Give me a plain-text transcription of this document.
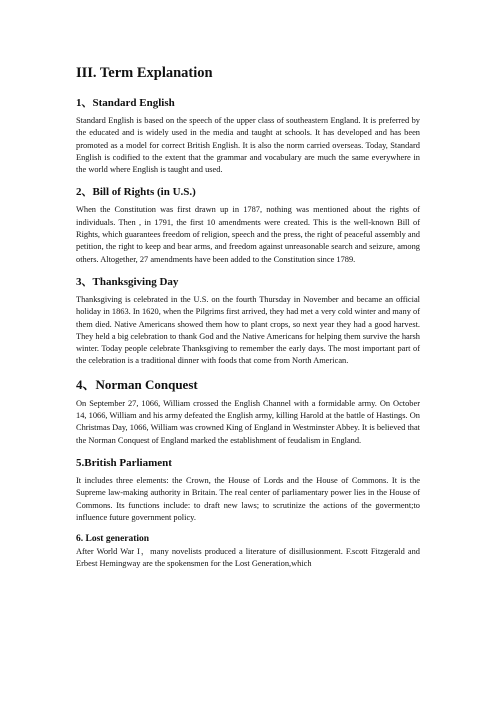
III. Term Explanation
1、Standard English

Standard English is based on the speech of the upper class of southeastern England. It is preferred by the educated and is widely used in the media and taught at schools. It has developed and has been promoted as a model for correct British English. It is also the norm carried overseas. Today, Standard English is codified to the extent that the grammar and vocabulary are much the same everywhere in the world where English is taught and used.

2、Bill of Rights (in U.S.)

When the Constitution was first drawn up in 1787, nothing was mentioned about the rights of individuals. Then , in 1791, the first 10 amendments were created. This is the well-known Bill of Rights, which guarantees freedom of religion, speech and the press, the right of peaceful assembly and petition, the right to keep and bear arms, and freedom against unreasonable search and seizure, among others. Altogether, 27 amendments have been added to the Constitution since 1789.

3、Thanksgiving Day

Thanksgiving is celebrated in the U.S. on the fourth Thursday in November and became an official holiday in 1863. In 1620, when the Pilgrims first arrived, they had met a very cold winter and many of them died. Native Americans showed them how to plant crops, so next year they had a good harvest. They held a big celebration to thank God and the Native Americans for helping them survive the harsh winter. Today people celebrate Thanksgiving to remember the early days. The most important part of the celebration is a traditional dinner with foods that come from North American.

4、Norman Conquest

On September 27, 1066, William crossed the English Channel with a formidable army. On October 14, 1066, William and his army defeated the English army, killing Harold at the battle of Hastings. On Christmas Day, 1066, William was crowned King of England in Westminster Abbey. It is believed that the Norman Conquest of England marked the establishment of feudalism in England.

5.British Parliament

It includes three elements: the Crown, the House of Lords and the House of Commons. It is the Supreme law-making authority in Britain. The real center of parliamentary power lies in the House of Commons. Its functions include: to draft new laws; to scrutinize the actions of the goverment;to influence future government policy.

6. Lost generation

After World War I，many novelists produced a literature of disillusionment. F.scott Fitzgerald and Erbest Hemingway are the spokensmen for the Lost Generation,which
